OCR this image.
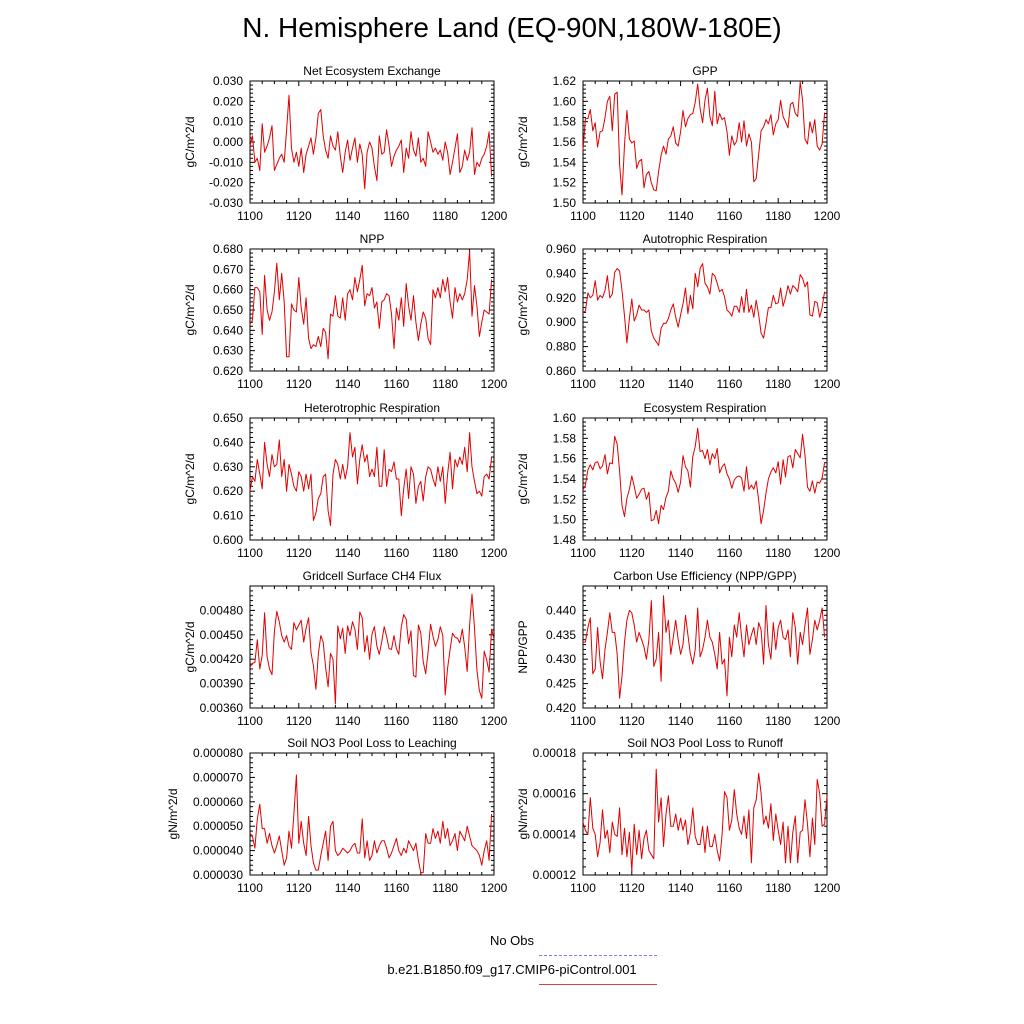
N. Hemisphere Land (EQ-90N,180W-180E)
Net Ecosystem Exchange
gC/m^2/d
1100 1120 1140 1160 1180 1200
-0.030
-0.020
-0.010
0.000
0.010
0.020
0.030
GPP
gC/m^2/d
1100 1120 1140 1160 1180 1200
1.50
1.52
1.54
1.56
1.58
1.60
1.62
NPP
gC/m^2/d
1100 1120 1140 1160 1180 1200
0.620
0.630
0.640
0.650
0.660
0.670
0.680
Autotrophic Respiration
gC/m^2/d
1100 1120 1140 1160 1180 1200
0.860
0.880
0.900
0.920
0.940
0.960
Heterotrophic Respiration
gC/m^2/d
1100 1120 1140 1160 1180 1200
0.600
0.610
0.620
0.630
0.640
0.650
Ecosystem Respiration
gC/m^2/d
1100 1120 1140 1160 1180 1200
1.48
1.50
1.52
1.54
1.56
1.58
1.60
Gridcell Surface CH4 Flux
gC/m^2/d
1100 1120 1140 1160 1180 1200
0.00360
0.00390
0.00420
0.00450
0.00480
Carbon Use Efficiency (NPP/GPP)
NPP/GPP
1100 1120 1140 1160 1180 1200
0.420
0.425
0.430
0.435
0.440
Soil NO3 Pool Loss to Leaching
gN/m^2/d
1100 1120 1140 1160 1180 1200
0.000030
0.000040
0.000050
0.000060
0.000070
0.000080
Soil NO3 Pool Loss to Runoff
gN/m^2/d
1100 1120 1140 1160 1180 1200
0.00012
0.00014
0.00016
0.00018
No Obs
b.e21.B1850.f09_g17.CMIP6-piControl.001
